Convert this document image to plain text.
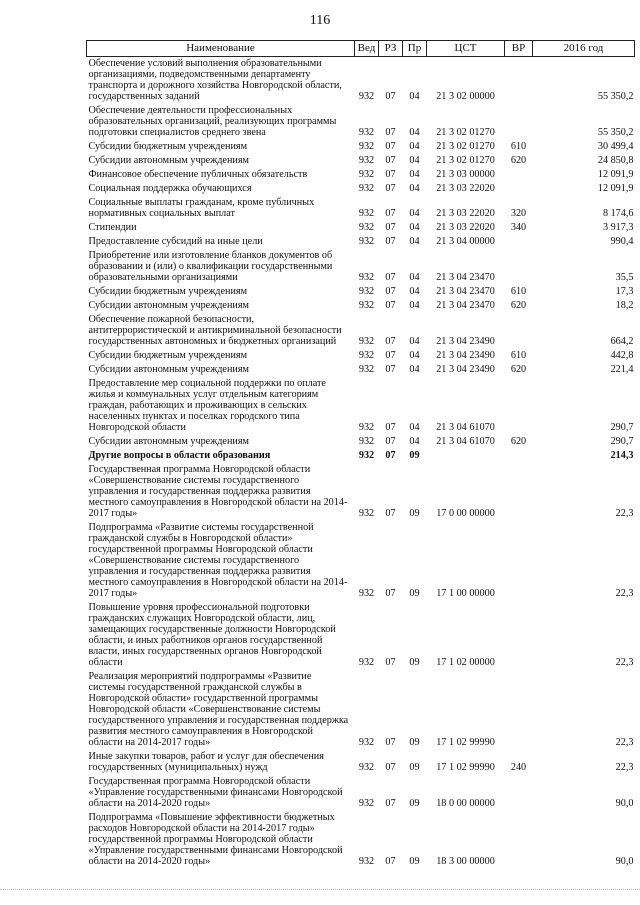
116
Наименование	Вед	РЗ	Пр	ЦСТ	ВР	2016 год
Обеспечение условий выполнения образовательными организациями, подведомственными департаменту транспорта и дорожного хозяйства Новгородской области, государственных заданий	932	07	04	21 3 02 00000		55 350,2
Обеспечение деятельности профессиональных образовательных организаций, реализующих программы подготовки специалистов среднего звена	932	07	04	21 3 02 01270		55 350,2
Субсидии бюджетным учреждениям	932	07	04	21 3 02 01270	610	30 499,4
Субсидии автономным учреждениям	932	07	04	21 3 02 01270	620	24 850,8
Финансовое обеспечение публичных обязательств	932	07	04	21 3 03 00000		12 091,9
Социальная поддержка обучающихся	932	07	04	21 3 03 22020		12 091,9
Социальные выплаты гражданам, кроме публичных нормативных социальных выплат	932	07	04	21 3 03 22020	320	8 174,6
Стипендии	932	07	04	21 3 03 22020	340	3 917,3
Предоставление субсидий на иные цели	932	07	04	21 3 04 00000		990,4
Приобретение или изготовление бланков документов об образовании и (или) о квалификации государственными образовательными организациями	932	07	04	21 3 04 23470		35,5
Субсидии бюджетным учреждениям	932	07	04	21 3 04 23470	610	17,3
Субсидии автономным учреждениям	932	07	04	21 3 04 23470	620	18,2
Обеспечение пожарной безопасности, антитеррористической и антикриминальной безопасности государственных автономных и бюджетных организаций	932	07	04	21 3 04 23490		664,2
Субсидии бюджетным учреждениям	932	07	04	21 3 04 23490	610	442,8
Субсидии автономным учреждениям	932	07	04	21 3 04 23490	620	221,4
Предоставление мер социальной поддержки по оплате жилья и коммунальных услуг отдельным категориям граждан, работающих и проживающих в сельских населенных пунктах и поселках городского типа Новгородской области	932	07	04	21 3 04 61070		290,7
Субсидии автономным учреждениям	932	07	04	21 3 04 61070	620	290,7
Другие вопросы в области образования	932	07	09			214,3
Государственная программа Новгородской области «Совершенствование системы государственного управления и государственная поддержка развития местного самоуправления в Новгородской области на 2014-2017 годы»	932	07	09	17 0 00 00000		22,3
Подпрограмма «Развитие системы государственной гражданской службы в Новгородской области» государственной программы Новгородской области «Совершенствование системы государственного управления и государственная поддержка развития местного самоуправления в Новгородской области на 2014-2017 годы»	932	07	09	17 1 00 00000		22,3
Повышение уровня профессиональной подготовки гражданских служащих Новгородской области, лиц, замещающих государственные должности Новгородской области, и иных работников органов государственной власти, иных государственных органов Новгородской области	932	07	09	17 1 02 00000		22,3
Реализация мероприятий подпрограммы «Развитие системы государственной гражданской службы в Новгородской области» государственной программы Новгородской области «Совершенствование системы государственного управления и государственная поддержка развития местного самоуправления в Новгородской области на 2014-2017 годы»	932	07	09	17 1 02 99990		22,3
Иные закупки товаров, работ и услуг для обеспечения государственных (муниципальных) нужд	932	07	09	17 1 02 99990	240	22,3
Государственная программа Новгородской области «Управление государственными финансами Новгородской области на 2014-2020 годы»	932	07	09	18 0 00 00000		90,0
Подпрограмма «Повышение эффективности бюджетных расходов Новгородской области на 2014-2017 годы» государственной программы Новгородской области «Управление государственными финансами Новгородской области на 2014-2020 годы»	932	07	09	18 3 00 00000		90,0
